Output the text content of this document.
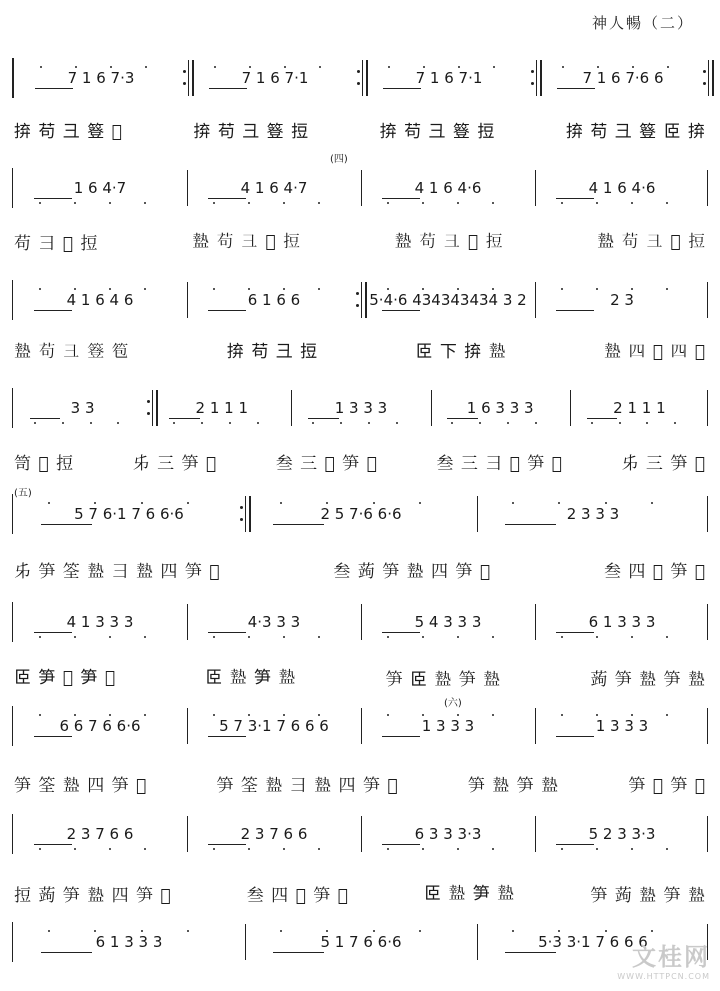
神人暢（二）
7 1 6 7·3	7 1 6 7·1	7 1 6 7·1	7 1 6 7·6 6
1 6 4·7	4 1 6 4·7	4 1 6 4·6	4 1 6 4·6
4 1 6 4 6	6 1 6 6	5·4·6 434343434 3 2	2 3
3 3	2 1 1 1	1 3 3 3	1 6 3 3 3	2 1 1 1
5 7 6·1 7 6 6·6	2 5 7·6 6·6	2 3 3 3
4 1 3 3 3	4·3 3 3	5 4 3 3 3	6 1 3 3 3
6 6 7 6 6·6	5 7 3·1 7 6 6 6	1 3 3 3	1 3 3 3
2 3 7 6 6	2 3 7 6 6	6 3 3 3·3	5 2 3 3·3
6 1 3 3 3	5 1 7 6 6·6	5·3 3·1 7 6 6 6
𢬵 苟 彐 簦 𤾤	𢬵 苟 彐 簦 𢭃	𢬵 苟 彐 簦 𢭃	𢬵 苟 彐 簦 𦣞 𢬵
苟 彐 𤼨 𢭃	𥂕 苟 彐 𤼨 𢭃	𥂕 苟 彐 𤼨 𢭃	𥂕 苟 彐 𤼨 𢭃
𥂕 苟 彐 簦 笣	𢬵 苟 彐 𢭃	𦣞 下 𢬵 𥂕	𥂕 四 𤼨 四 𠤷
笥 𠤷 𢭃	𠂔 三 笋 𠤷	叁 三 𠤷 笋 𠤷	叁 三 彐 𠤷 笋 𠤷	𠂔 三 笋 𠤷
𠂔 笋 筌 𥂕 彐 𥂕 四 笋 𠤷	叁 蒟 笋 𥂕 四 笋 𠤷	叁 四 𠤷 笋 𥂕
𦣞 笋 𠤷 笋 𥂕	𦣞 𥂕 笋 𥂕	笋 𦣞 𥂕 笋 𥂕	蒟 笋 𥂕 笋 𥂕
笋 筌 𥂕 四 笋 𠤷	笋 筌 𥂕 彐 𥂕 四 笋 𠤷	笋 𥂕 笋 𥂕	笋 𠤷 笋 𥂕
𢭃 蒟 笋 𥂕 四 笋 𠤷	叁 四 𠤷 笋 𥂕	𦣞 𥂕 笋 𥂕	笋 蒟 𥂕 笋 𥂕
(四)
(五)
(六)
文桂网
WWW.HTTPCN.COM
